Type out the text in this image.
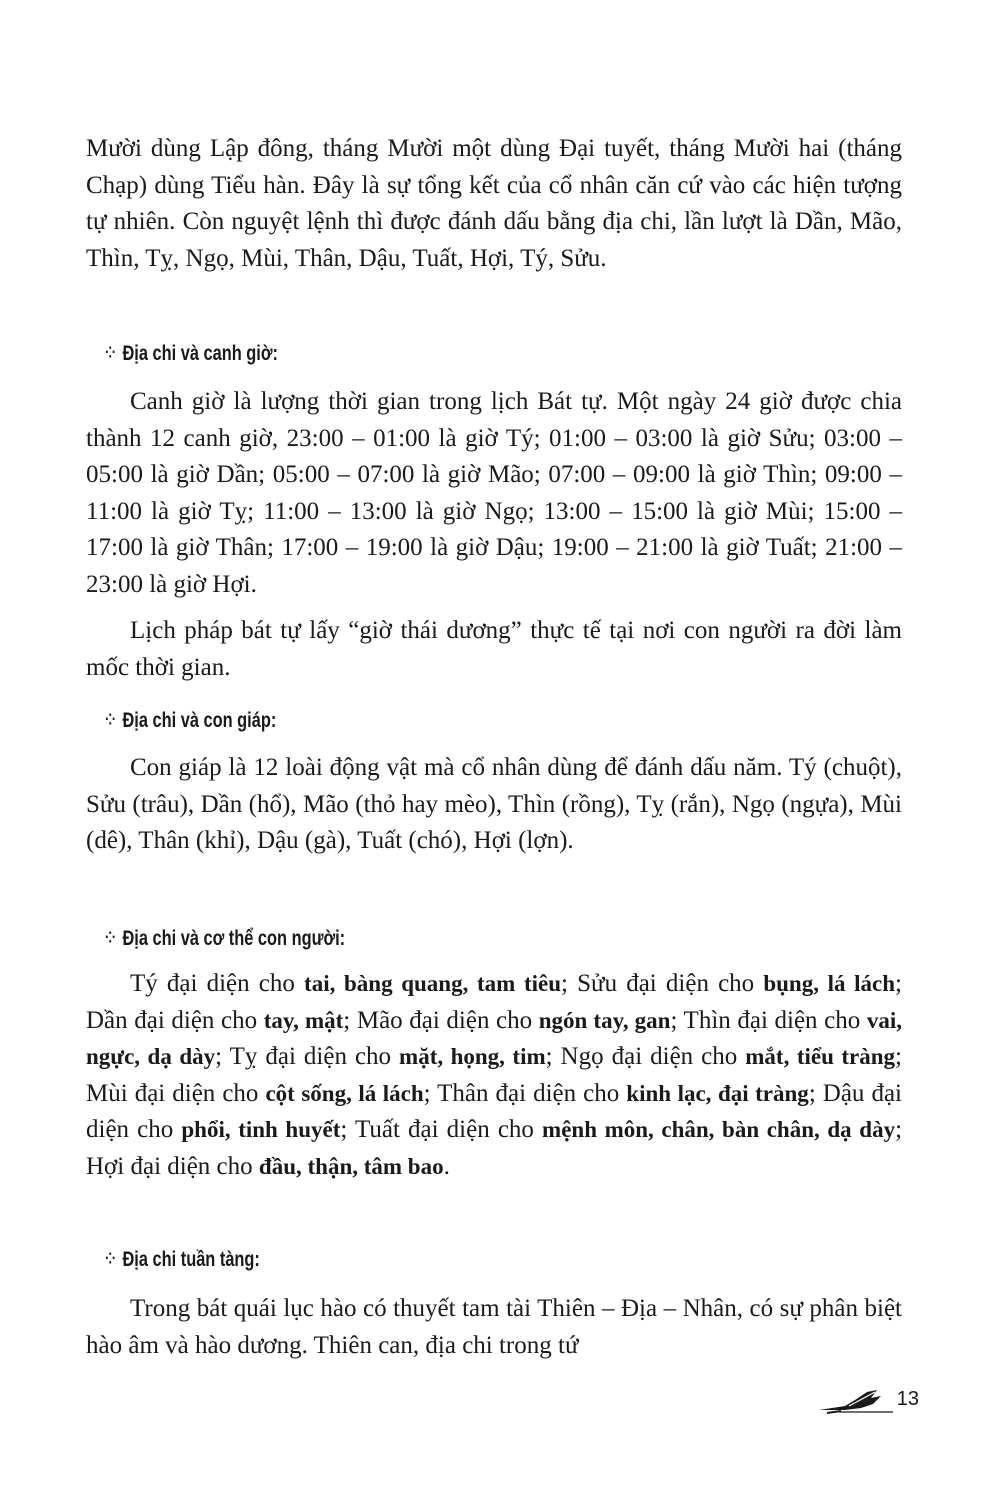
Mười dùng Lập đông, tháng Mười một dùng Đại tuyết, tháng Mười hai (tháng Chạp) dùng Tiểu hàn. Đây là sự tổng kết của cổ nhân căn cứ vào các hiện tượng tự nhiên. Còn nguyệt lệnh thì được đánh dấu bằng địa chi, lần lượt là Dần, Mão, Thìn, Tỵ, Ngọ, Mùi, Thân, Dậu, Tuất, Hợi, Tý, Sửu.

⁘ Địa chi và canh giờ:

Canh giờ là lượng thời gian trong lịch Bát tự. Một ngày 24 giờ được chia thành 12 canh giờ, 23:00 – 01:00 là giờ Tý; 01:00 – 03:00 là giờ Sửu; 03:00 – 05:00 là giờ Dần; 05:00 – 07:00 là giờ Mão; 07:00 – 09:00 là giờ Thìn; 09:00 –11:00 là giờ Tỵ; 11:00 – 13:00 là giờ Ngọ; 13:00 – 15:00 là giờ Mùi; 15:00 – 17:00 là giờ Thân; 17:00 – 19:00 là giờ Dậu; 19:00 – 21:00 là giờ Tuất; 21:00 – 23:00 là giờ Hợi.

Lịch pháp bát tự lấy “giờ thái dương” thực tế tại nơi con người ra đời làm mốc thời gian.

⁘ Địa chi và con giáp:

Con giáp là 12 loài động vật mà cổ nhân dùng để đánh dấu năm. Tý (chuột), Sửu (trâu), Dần (hổ), Mão (thỏ hay mèo), Thìn (rồng), Tỵ (rắn), Ngọ (ngựa), Mùi (dê), Thân (khỉ), Dậu (gà), Tuất (chó), Hợi (lợn).

⁘ Địa chi và cơ thể con người:

Tý đại diện cho tai, bàng quang, tam tiêu; Sửu đại diện cho bụng, lá lách; Dần đại diện cho tay, mật; Mão đại diện cho ngón tay, gan; Thìn đại diện cho vai, ngực, dạ dày; Tỵ đại diện cho mặt, họng, tim; Ngọ đại diện cho mắt, tiểu tràng; Mùi đại diện cho cột sống, lá lách; Thân đại diện cho kinh lạc, đại tràng; Dậu đại diện cho phổi, tinh huyết; Tuất đại diện cho mệnh môn, chân, bàn chân, dạ dày; Hợi đại diện cho đầu, thận, tâm bao.

⁘ Địa chi tuần tàng:

Trong bát quái lục hào có thuyết tam tài Thiên – Địa – Nhân, có sự phân biệt hào âm và hào dương. Thiên can, địa chi trong tứ

13
